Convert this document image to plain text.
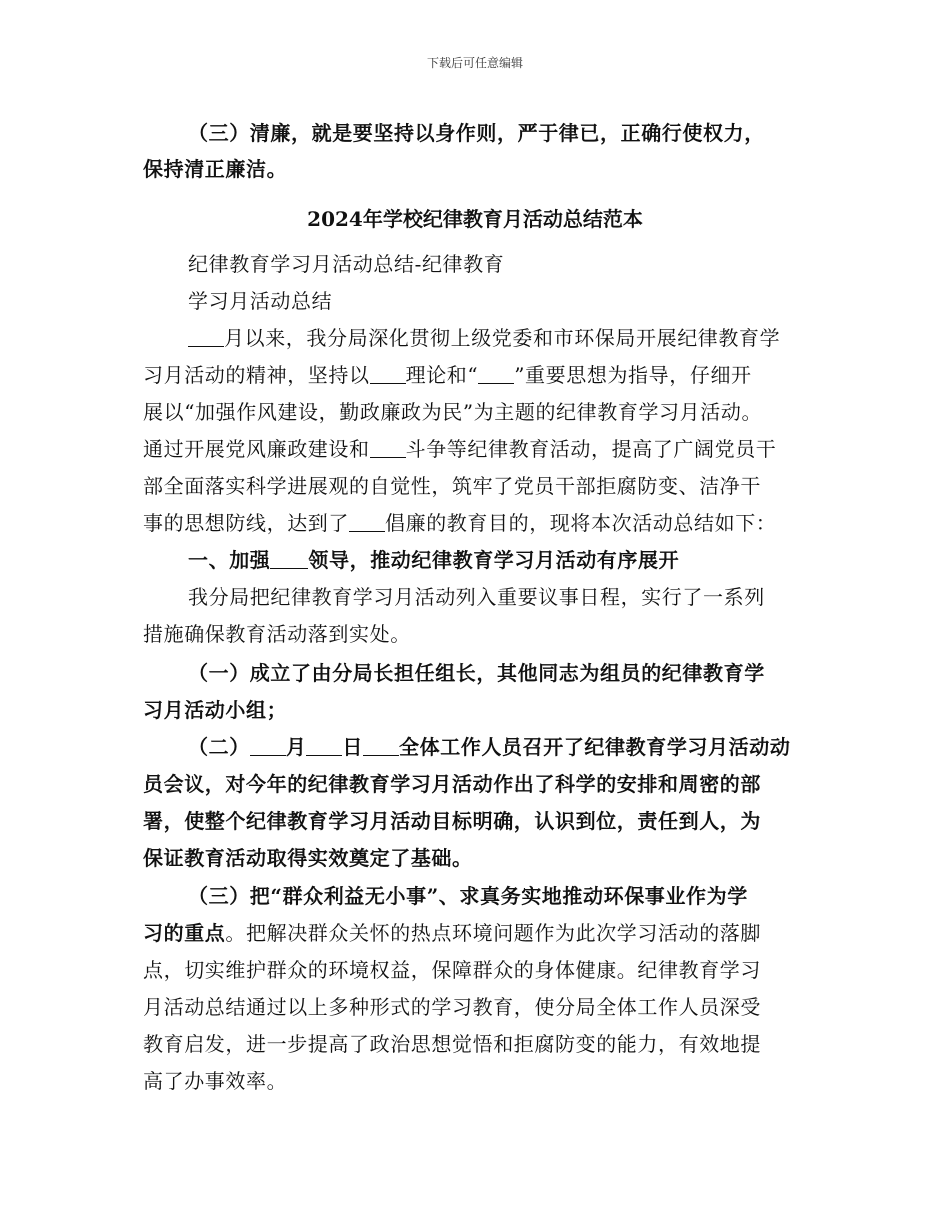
下载后可任意编辑
（三）清廉，就是要坚持以身作则，严于律已，正确行使权力，
保持清正廉洁。
2024年学校纪律教育月活动总结范本
纪律教育学习月活动总结-纪律教育
学习月活动总结
月以来，我分局深化贯彻上级党委和市环保局开展纪律教育学
习月活动的精神，坚持以 理论和“ ”重要思想为指导，仔细开
展以“加强作风建设，勤政廉政为民”为主题的纪律教育学习月活动。
通过开展党风廉政建设和 斗争等纪律教育活动，提高了广阔党员干
部全面落实科学进展观的自觉性，筑牢了党员干部拒腐防变、洁净干
事的思想防线，达到了 倡廉的教育目的，现将本次活动总结如下：
一、加强 领导，推动纪律教育学习月活动有序展开
我分局把纪律教育学习月活动列入重要议事日程，实行了一系列
措施确保教育活动落到实处。
（一）成立了由分局长担任组长，其他同志为组员的纪律教育学
习月活动小组；
（二） 月 日 全体工作人员召开了纪律教育学习月活动动
员会议，对今年的纪律教育学习月活动作出了科学的安排和周密的部
署，使整个纪律教育学习月活动目标明确，认识到位，责任到人，为
保证教育活动取得实效奠定了基础。
（三）把“群众利益无小事”、求真务实地推动环保事业作为学
习的重点。把解决群众关怀的热点环境问题作为此次学习活动的落脚
点，切实维护群众的环境权益，保障群众的身体健康。纪律教育学习
月活动总结通过以上多种形式的学习教育，使分局全体工作人员深受
教育启发，进一步提高了政治思想觉悟和拒腐防变的能力，有效地提
高了办事效率。
